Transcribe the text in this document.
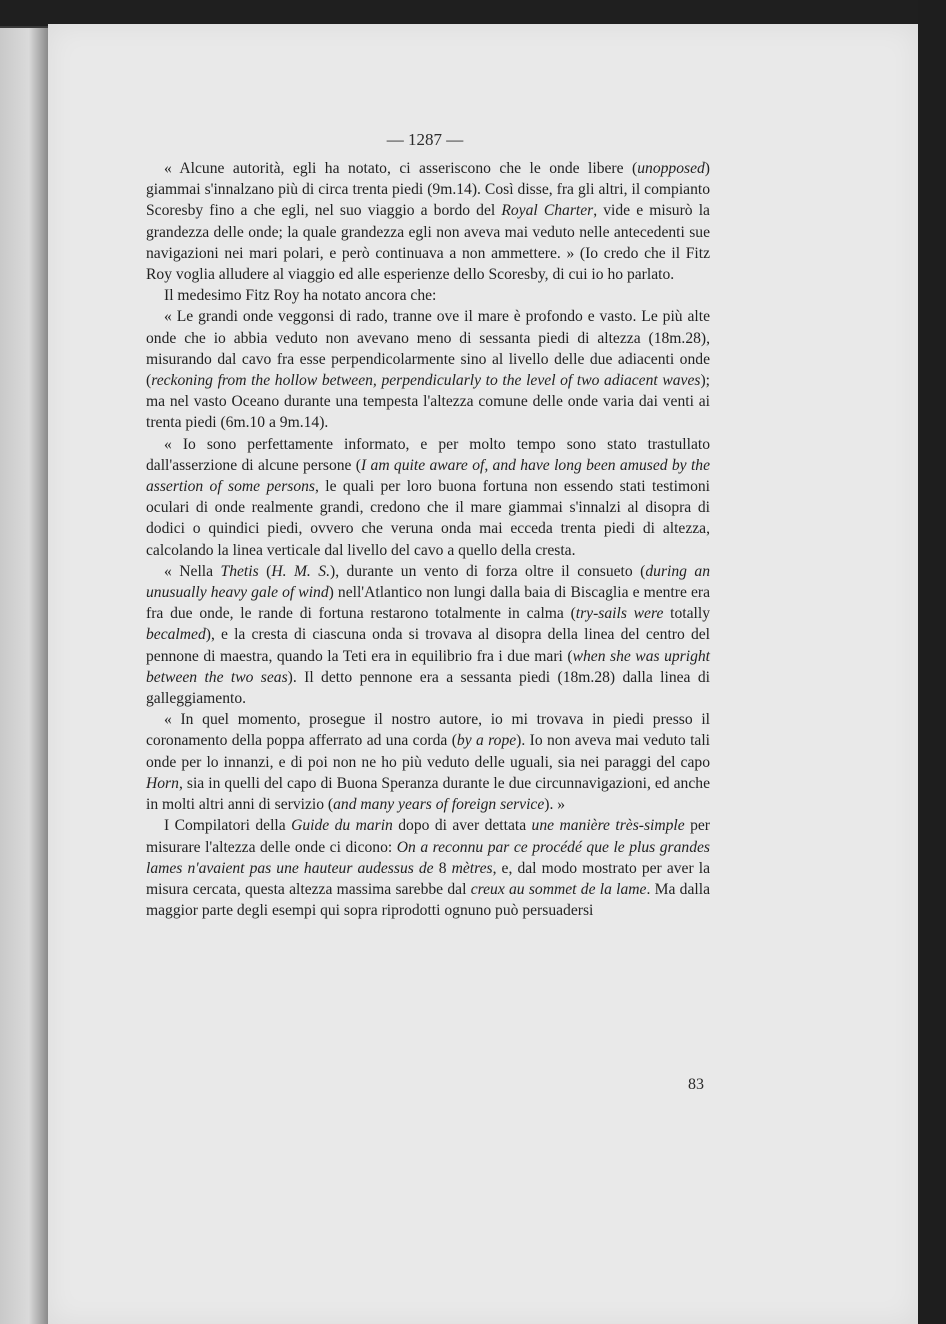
— 1287 —

« Alcune autorità, egli ha notato, ci asseriscono che le onde libere (unopposed) giammai s'innalzano più di circa trenta piedi (9m.14). Così disse, fra gli altri, il compianto Scoresby fino a che egli, nel suo viaggio a bordo del Royal Charter, vide e misurò la grandezza delle onde; la quale grandezza egli non aveva mai veduto nelle antecedenti sue navigazioni nei mari polari, e però continuava a non ammettere. » (Io credo che il Fitz Roy voglia alludere al viaggio ed alle esperienze dello Scoresby, di cui io ho parlato.

Il medesimo Fitz Roy ha notato ancora che:

« Le grandi onde veggonsi di rado, tranne ove il mare è profondo e vasto. Le più alte onde che io abbia veduto non avevano meno di sessanta piedi di altezza (18m.28), misurando dal cavo fra esse perpendicolarmente sino al livello delle due adiacenti onde (reckoning from the hollow between, perpendicularly to the level of two adiacent waves); ma nel vasto Oceano durante una tempesta l'altezza comune delle onde varia dai venti ai trenta piedi (6m.10 a 9m.14).

« Io sono perfettamente informato, e per molto tempo sono stato trastullato dall'asserzione di alcune persone (I am quite aware of, and have long been amused by the assertion of some persons, le quali per loro buona fortuna non essendo stati testimoni oculari di onde realmente grandi, credono che il mare giammai s'innalzi al disopra di dodici o quindici piedi, ovvero che veruna onda mai ecceda trenta piedi di altezza, calcolando la linea verticale dal livello del cavo a quello della cresta.

« Nella Thetis (H. M. S.), durante un vento di forza oltre il consueto (during an unusually heavy gale of wind) nell'Atlantico non lungi dalla baia di Biscaglia e mentre era fra due onde, le rande di fortuna restarono totalmente in calma (try-sails were totally becalmed), e la cresta di ciascuna onda si trovava al disopra della linea del centro del pennone di maestra, quando la Teti era in equilibrio fra i due mari (when she was upright between the two seas). Il detto pennone era a sessanta piedi (18m.28) dalla linea di galleggiamento.

« In quel momento, prosegue il nostro autore, io mi trovava in piedi presso il coronamento della poppa afferrato ad una corda (by a rope). Io non aveva mai veduto tali onde per lo innanzi, e di poi non ne ho più veduto delle uguali, sia nei paraggi del capo Horn, sia in quelli del capo di Buona Speranza durante le due circunnavigazioni, ed anche in molti altri anni di servizio (and many years of foreign service). »

I Compilatori della Guide du marin dopo di aver dettata une manière très-simple per misurare l'altezza delle onde ci dicono: On a reconnu par ce procédé que le plus grandes lames n'avaient pas une hauteur audessus de 8 mètres, e, dal modo mostrato per aver la misura cercata, questa altezza massima sarebbe dal creux au sommet de la lame. Ma dalla maggior parte degli esempi qui sopra riprodotti ognuno può persuadersi

83
